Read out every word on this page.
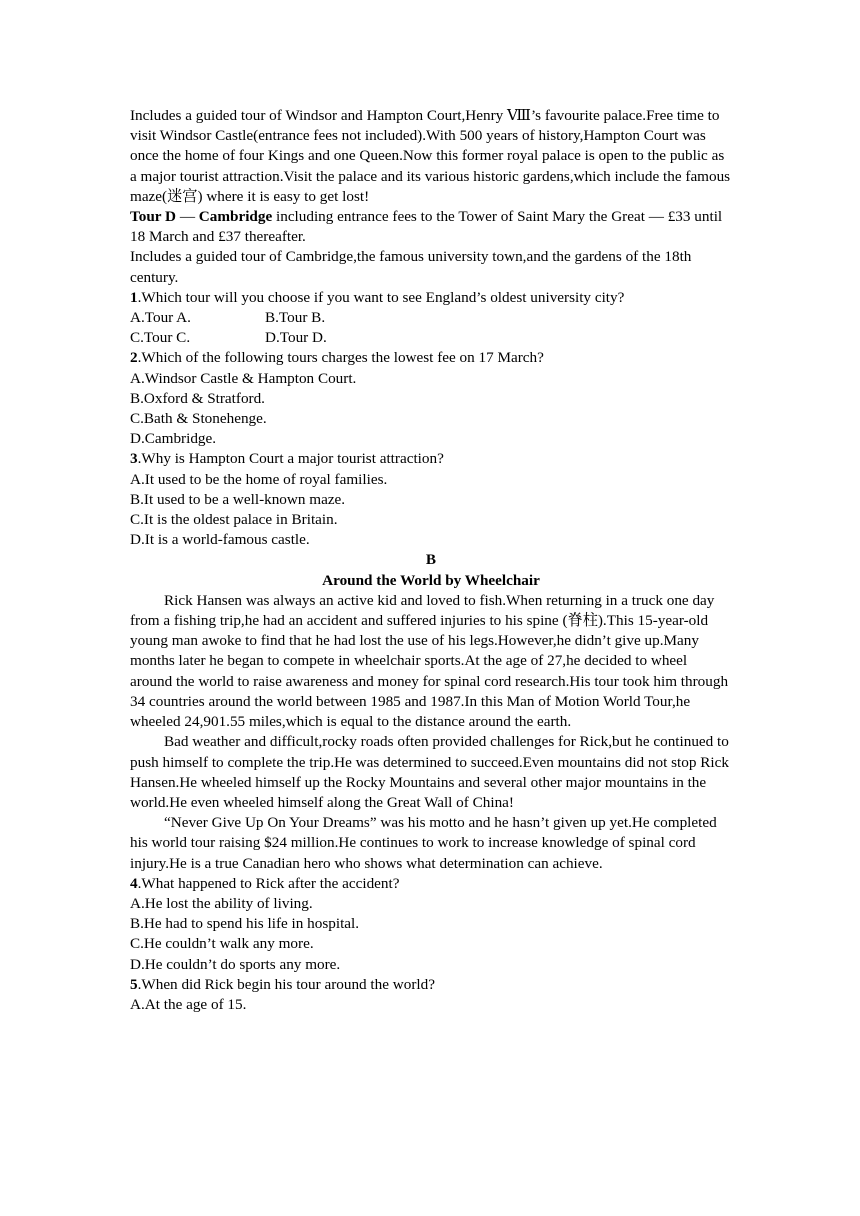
Includes a guided tour of Windsor and Hampton Court,Henry Ⅷ’s favourite palace.Free time to visit Windsor Castle(entrance fees not included).With 500 years of history,Hampton Court was once the home of four Kings and one Queen.Now this former royal palace is open to the public as a major tourist attraction.Visit the palace and its various historic gardens,which include the famous maze(迷宫) where it is easy to get lost!

Tour D — Cambridge including entrance fees to the Tower of Saint Mary the Great — £33 until 18 March and £37 thereafter.

Includes a guided tour of Cambridge,the famous university town,and the gardens of the 18th century.

1.Which tour will you choose if you want to see England’s oldest university city?

A.Tour A.	B.Tour B.

C.Tour C.	D.Tour D.

2.Which of the following tours charges the lowest fee on 17 March?

A.Windsor Castle & Hampton Court.

B.Oxford & Stratford.

C.Bath & Stonehenge.

D.Cambridge.

3.Why is Hampton Court a major tourist attraction?

A.It used to be the home of royal families.

B.It used to be a well-known maze.

C.It is the oldest palace in Britain.

D.It is a world-famous castle.

B

Around the World by Wheelchair

Rick Hansen was always an active kid and loved to fish.When returning in a truck one day from a fishing trip,he had an accident and suffered injuries to his spine (脊柱).This 15-year-old young man awoke to find that he had lost the use of his legs.However,he didn’t give up.Many months later he began to compete in wheelchair sports.At the age of 27,he decided to wheel around the world to raise awareness and money for spinal cord research.His tour took him through 34 countries around the world between 1985 and 1987.In this Man of Motion World Tour,he wheeled 24,901.55 miles,which is equal to the distance around the earth.

Bad weather and difficult,rocky roads often provided challenges for Rick,but he continued to push himself to complete the trip.He was determined to succeed.Even mountains did not stop Rick Hansen.He wheeled himself up the Rocky Mountains and several other major mountains in the world.He even wheeled himself along the Great Wall of China!

“Never Give Up On Your Dreams” was his motto and he hasn’t given up yet.He completed his world tour raising $24 million.He continues to work to increase knowledge of spinal cord injury.He is a true Canadian hero who shows what determination can achieve.

4.What happened to Rick after the accident?

A.He lost the ability of living.

B.He had to spend his life in hospital.

C.He couldn’t walk any more.

D.He couldn’t do sports any more.

5.When did Rick begin his tour around the world?

A.At the age of 15.
